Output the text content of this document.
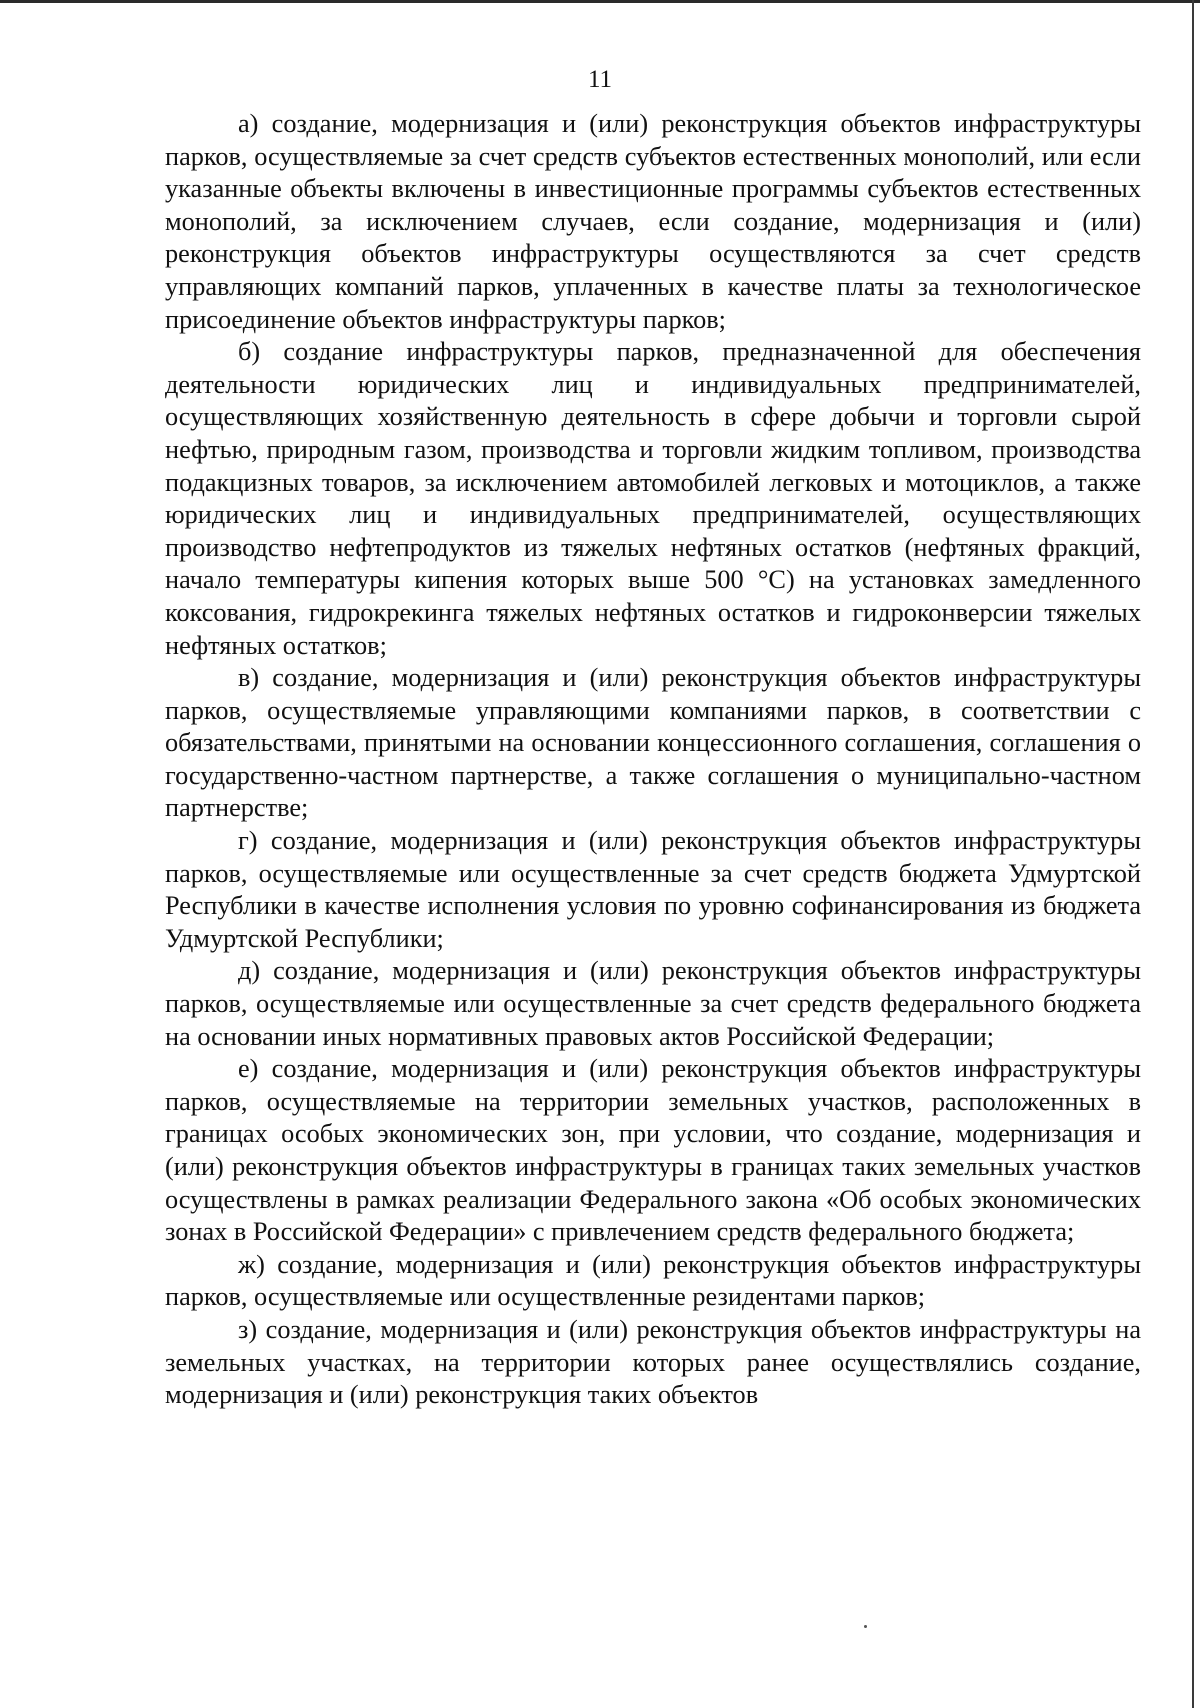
11

а) создание, модернизация и (или) реконструкция объектов инфраструктуры парков, осуществляемые за счет средств субъектов естественных монополий, или если указанные объекты включены в инвестиционные программы субъектов естественных монополий, за исключением случаев, если создание, модернизация и (или) реконструкция объектов инфраструктуры осуществляются за счет средств управляющих компаний парков, уплаченных в качестве платы за технологическое присоединение объектов инфраструктуры парков;

б) создание инфраструктуры парков, предназначенной для обеспечения деятельности юридических лиц и индивидуальных предпринимателей, осуществляющих хозяйственную деятельность в сфере добычи и торговли сырой нефтью, природным газом, производства и торговли жидким топливом, производства подакцизных товаров, за исключением автомобилей легковых и мотоциклов, а также юридических лиц и индивидуальных предпринимателей, осуществляющих производство нефтепродуктов из тяжелых нефтяных остатков (нефтяных фракций, начало температуры кипения которых выше 500 °С) на установках замедленного коксования, гидрокрекинга тяжелых нефтяных остатков и гидроконверсии тяжелых нефтяных остатков;

в) создание, модернизация и (или) реконструкция объектов инфраструктуры парков, осуществляемые управляющими компаниями парков, в соответствии с обязательствами, принятыми на основании концессионного соглашения, соглашения о государственно-частном партнерстве, а также соглашения о муниципально-частном партнерстве;

г) создание, модернизация и (или) реконструкция объектов инфраструктуры парков, осуществляемые или осуществленные за счет средств бюджета Удмуртской Республики в качестве исполнения условия по уровню софинансирования из бюджета Удмуртской Республики;

д) создание, модернизация и (или) реконструкция объектов инфраструктуры парков, осуществляемые или осуществленные за счет средств федерального бюджета на основании иных нормативных правовых актов Российской Федерации;

е) создание, модернизация и (или) реконструкция объектов инфраструктуры парков, осуществляемые на территории земельных участков, расположенных в границах особых экономических зон, при условии, что создание, модернизация и (или) реконструкция объектов инфраструктуры в границах таких земельных участков осуществлены в рамках реализации Федерального закона «Об особых экономических зонах в Российской Федерации» с привлечением средств федерального бюджета;

ж) создание, модернизация и (или) реконструкция объектов инфраструктуры парков, осуществляемые или осуществленные резидентами парков;

з) создание, модернизация и (или) реконструкция объектов инфраструктуры на земельных участках, на территории которых ранее осуществлялись создание, модернизация и (или) реконструкция таких объектов
